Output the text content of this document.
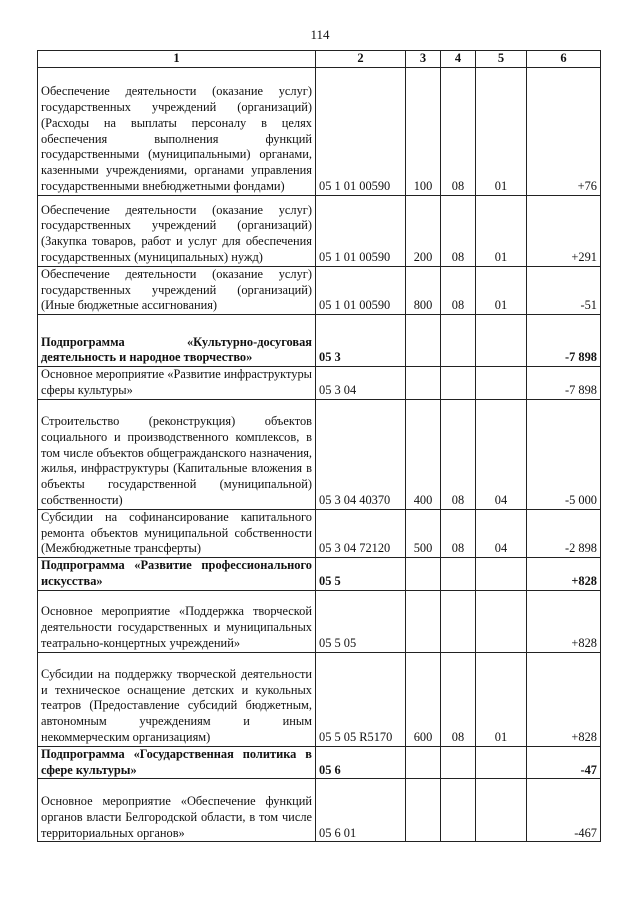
114
1	2	3	4	5	6
Обеспечение деятельности (оказание услуг) государственных учреждений (организаций) (Расходы на выплаты персоналу в целях обеспечения выполнения функций государственными (муниципальными) органами, казенными учреждениями, органами управления государственными внебюджетными фондами)	05 1 01 00590	100	08	01	+76
Обеспечение деятельности (оказание услуг) государственных учреждений (организаций) (Закупка товаров, работ и услуг для обеспечения государственных (муниципальных) нужд)	05 1 01 00590	200	08	01	+291
Обеспечение деятельности (оказание услуг) государственных учреждений (организаций) (Иные бюджетные ассигнования)	05 1 01 00590	800	08	01	-51
Подпрограмма «Культурно-досуговая деятельность и народное творчество»	05 3				-7 898
Основное мероприятие «Развитие инфраструктуры сферы культуры»	05 3 04				-7 898
Строительство (реконструкция) объектов социального и производственного комплексов, в том числе объектов общегражданского назначения, жилья, инфраструктуры (Капитальные вложения в объекты государственной (муниципальной) собственности)	05 3 04 40370	400	08	04	-5 000
Субсидии на софинансирование капитального ремонта объектов муниципальной собственности (Межбюджетные трансферты)	05 3 04 72120	500	08	04	-2 898
Подпрограмма «Развитие профессионального искусства»	05 5				+828
Основное мероприятие «Поддержка творческой деятельности государственных и муниципальных театрально-концертных учреждений»	05 5 05				+828
Субсидии на поддержку творческой деятельности и техническое оснащение детских и кукольных театров (Предоставление субсидий бюджетным, автономным учреждениям и иным некоммерческим организациям)	05 5 05 R5170	600	08	01	+828
Подпрограмма «Государственная политика в сфере культуры»	05 6				-47
Основное мероприятие «Обеспечение функций органов власти Белгородской области, в том числе территориальных органов»	05 6 01				-467
